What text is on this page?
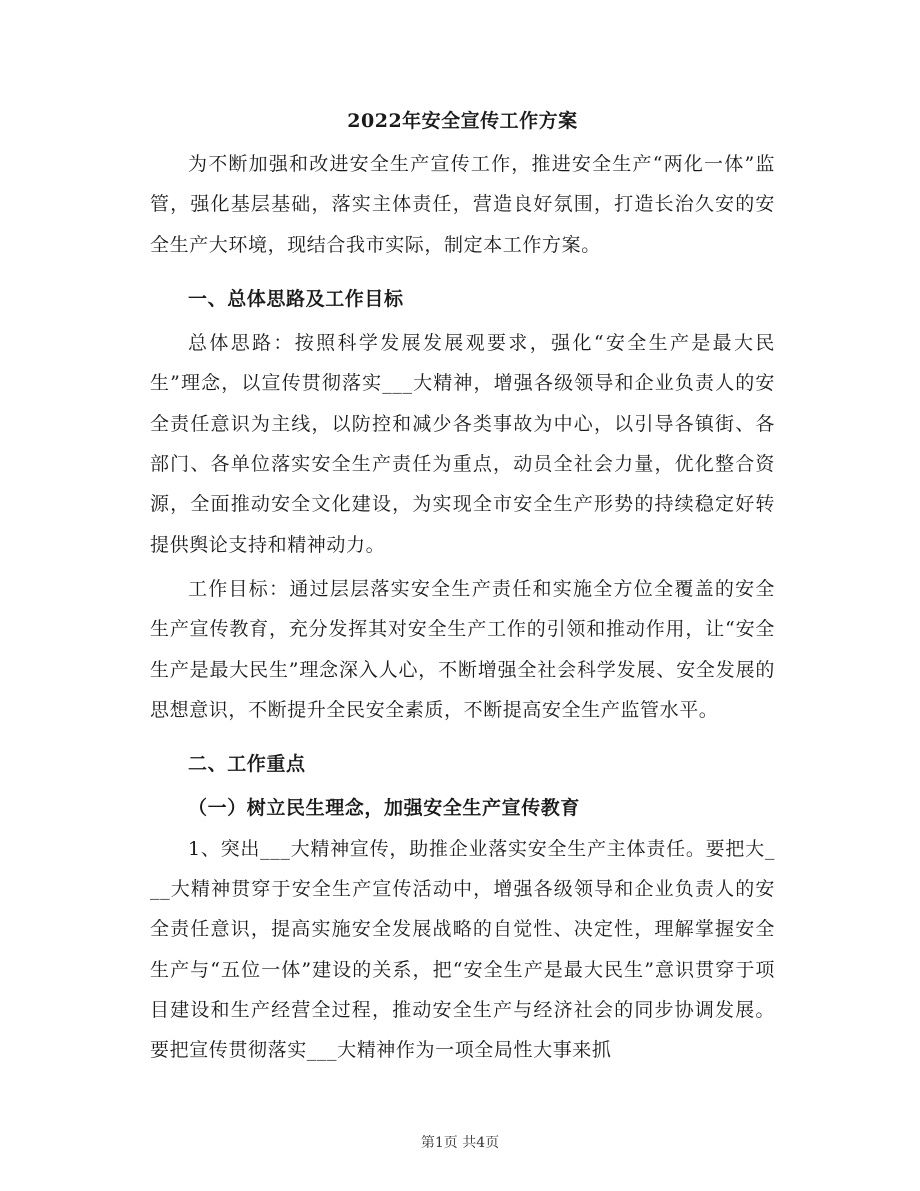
2022年安全宣传工作方案

为不断加强和改进安全生产宣传工作，推进安全生产“两化一体”监管，强化基层基础，落实主体责任，营造良好氛围，打造长治久安的安全生产大环境，现结合我市实际，制定本工作方案。

一、总体思路及工作目标

总体思路：按照科学发展发展观要求，强化“安全生产是最大民生”理念，以宣传贯彻落实___大精神，增强各级领导和企业负责人的安全责任意识为主线，以防控和减少各类事故为中心，以引导各镇街、各部门、各单位落实安全生产责任为重点，动员全社会力量，优化整合资源，全面推动安全文化建设，为实现全市安全生产形势的持续稳定好转提供舆论支持和精神动力。

工作目标：通过层层落实安全生产责任和实施全方位全覆盖的安全生产宣传教育，充分发挥其对安全生产工作的引领和推动作用，让“安全生产是最大民生”理念深入人心，不断增强全社会科学发展、安全发展的思想意识，不断提升全民安全素质，不断提高安全生产监管水平。

二、工作重点
（一）树立民生理念，加强安全生产宣传教育

1、突出___大精神宣传，助推企业落实安全生产主体责任。要把大___大精神贯穿于安全生产宣传活动中，增强各级领导和企业负责人的安全责任意识，提高实施安全发展战略的自觉性、决定性，理解掌握安全生产与“五位一体”建设的关系，把“安全生产是最大民生”意识贯穿于项目建设和生产经营全过程，推动安全生产与经济社会的同步协调发展。要把宣传贯彻落实___大精神作为一项全局性大事来抓

第1页 共4页
